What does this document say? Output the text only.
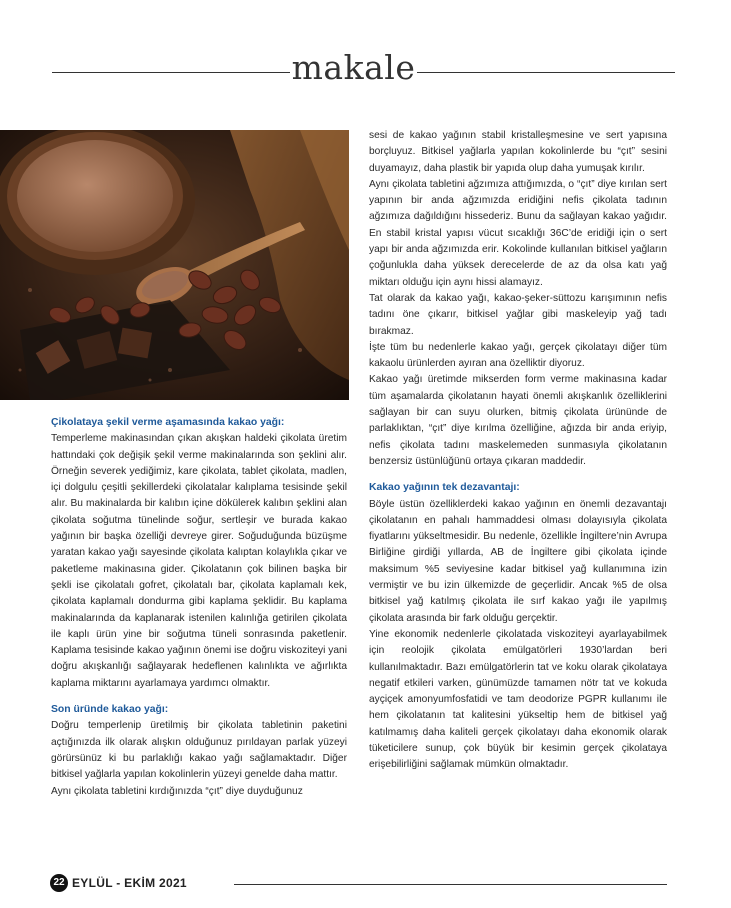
makale
Çikolataya şekil verme aşamasında kakao yağı:

Temperleme makinasından çıkan akışkan haldeki çikolata üretim hattındaki çok değişik şekil verme makinalarında son şeklini alır. Örneğin severek yediğimiz, kare çikolata, tablet çikolata, madlen, içi dolgulu çeşitli şekillerdeki çikolatalar kalıplama tesisinde şekil alır. Bu makinalarda bir kalıbın içine dökülerek kalıbın şeklini alan çikolata soğutma tünelinde soğur, sertleşir ve burada kakao yağının bir başka özelliği devreye girer. Soğuduğunda büzüşme yaratan kakao yağı sayesinde çikolata kalıptan kolaylıkla çıkar ve paketleme makinasına gider. Çikolatanın çok bilinen başka bir şekli ise çikolatalı gofret, çikolatalı bar, çikolata kaplamalı kek, çikolata kaplamalı dondurma gibi kaplama şeklidir. Bu kaplama makinalarında da kaplanarak istenilen kalınlığa getirilen çikolata ile kaplı ürün yine bir soğutma tüneli sonrasında paketlenir. Kaplama tesisinde kakao yağının önemi ise doğru viskoziteyi yani doğru akışkanlığı sağlayarak hedeflenen kalınlıkta ve ağırlıkta kaplama miktarını ayarlamaya yardımcı olmaktır.

Son üründe kakao yağı:

Doğru temperlenip üretilmiş bir çikolata tabletinin paketini açtığınızda ilk olarak alışkın olduğunuz pırıldayan parlak yüzeyi görürsünüz ki bu parlaklığı kakao yağı sağlamaktadır. Diğer bitkisel yağlarla yapılan kokolinlerin yüzeyi genelde daha mattır.

Aynı çikolata tabletini kırdığınızda “çıt” diye duyduğunuz

sesi de kakao yağının stabil kristalleşmesine ve sert yapısına borçluyuz. Bitkisel yağlarla yapılan kokolinlerde bu “çıt” sesini duyamayız, daha plastik bir yapıda olup daha yumuşak kırılır.

Aynı çikolata tabletini ağzımıza attığımızda, o “çıt” diye kırılan sert yapının bir anda ağzımızda eridiğini nefis çikolata tadının ağzımıza dağıldığını hissederiz. Bunu da sağlayan kakao yağıdır. En stabil kristal yapısı vücut sıcaklığı 36C’de eridiği için o sert yapı bir anda ağzımızda erir. Kokolinde kullanılan bitkisel yağların çoğunlukla daha yüksek derecelerde de az da olsa katı yağ miktarı olduğu için aynı hissi alamayız.

Tat olarak da kakao yağı, kakao-şeker-süttozu karışımının nefis tadını öne çıkarır, bitkisel yağlar gibi maskeleyip yağ tadı bırakmaz.

İşte tüm bu nedenlerle kakao yağı, gerçek çikolatayı diğer tüm kakaolu ürünlerden ayıran ana özelliktir diyoruz.

Kakao yağı üretimde mikserden form verme makinasına kadar tüm aşamalarda çikolatanın hayati önemli akışkanlık özelliklerini sağlayan bir can suyu olurken, bitmiş çikolata ürününde de parlaklıktan, “çıt” diye kırılma özelliğine, ağızda bir anda eriyip, nefis çikolata tadını maskelemeden sunmasıyla çikolatanın benzersiz üstünlüğünü ortaya çıkaran maddedir.

Kakao yağının tek dezavantajı:

Böyle üstün özelliklerdeki kakao yağının en önemli dezavantajı çikolatanın en pahalı hammaddesi olması dolayısıyla çikolata fiyatlarını yükseltmesidir. Bu nedenle, özellikle İngiltere’nin Avrupa Birliğine girdiği yıllarda, AB de İngiltere gibi çikolata içinde maksimum %5 seviyesine kadar bitkisel yağ kullanımına izin vermiştir ve bu izin ülkemizde de geçerlidir. Ancak %5 de olsa bitkisel yağ katılmış çikolata ile sırf kakao yağı ile yapılmış çikolata arasında bir fark olduğu gerçektir.

Yine ekonomik nedenlerle çikolatada viskoziteyi ayarlayabilmek için reolojik çikolata emülgatörleri 1930’lardan beri kullanılmaktadır. Bazı emülgatörlerin tat ve koku olarak çikolataya negatif etkileri varken, günümüzde tamamen nötr tat ve kokuda ayçiçek amonyumfosfatidi ve tam deodorize PGPR kullanımı ile hem çikolatanın tat kalitesini yükseltip hem de bitkisel yağ katılmamış daha kaliteli gerçek çikolatayı daha ekonomik olarak tüketicilere sunup, çok büyük bir kesimin gerçek çikolataya erişebilirliğini sağlamak mümkün olmaktadır.

22 EYLÜL - EKİM 2021
